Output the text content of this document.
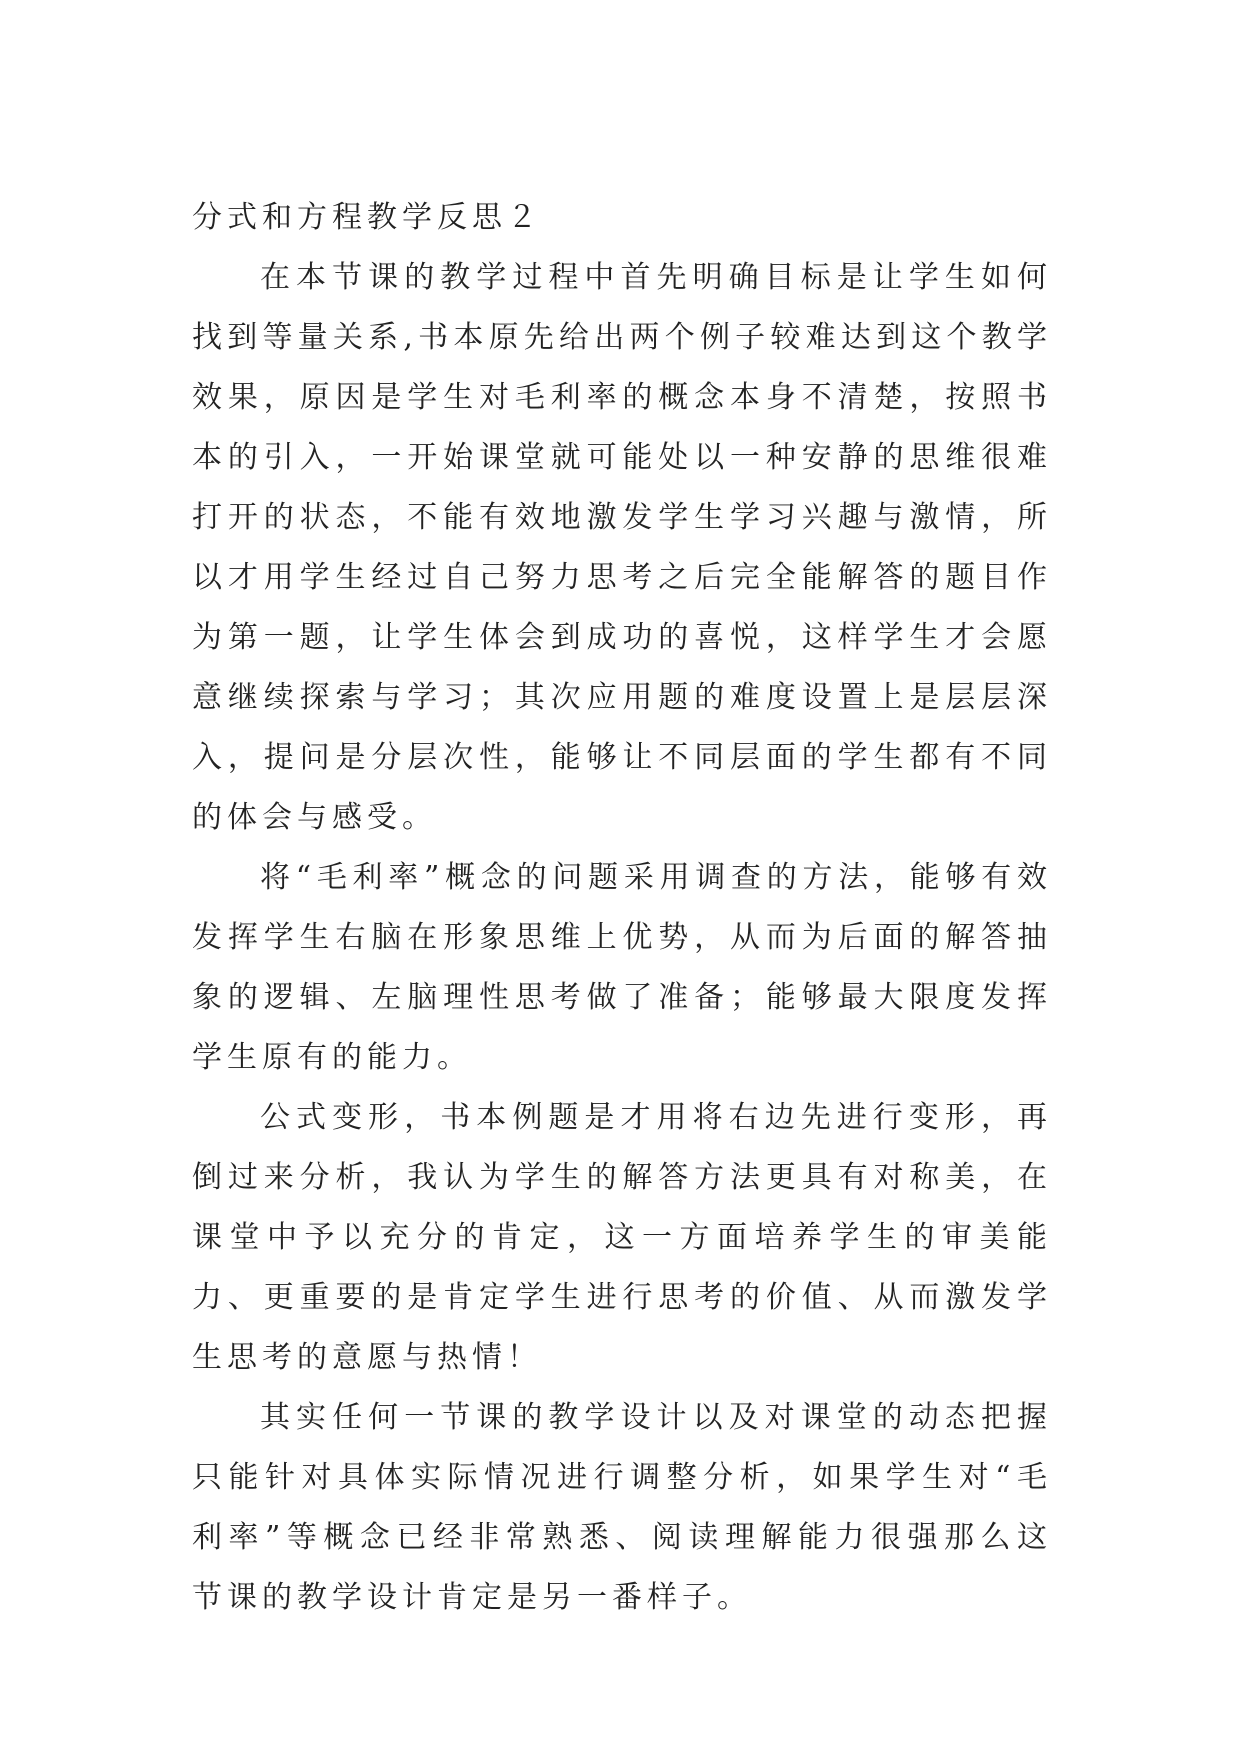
分式和方程教学反思２

在本节课的教学过程中首先明确目标是让学生如何找到等量关系,书本原先给出两个例子较难达到这个教学效果，原因是学生对毛利率的概念本身不清楚，按照书本的引入，一开始课堂就可能处以一种安静的思维很难打开的状态，不能有效地激发学生学习兴趣与激情，所以才用学生经过自己努力思考之后完全能解答的题目作为第一题，让学生体会到成功的喜悦，这样学生才会愿意继续探索与学习；其次应用题的难度设置上是层层深入，提问是分层次性，能够让不同层面的学生都有不同的体会与感受。

将“毛利率”概念的问题采用调查的方法，能够有效发挥学生右脑在形象思维上优势，从而为后面的解答抽象的逻辑、左脑理性思考做了准备；能够最大限度发挥学生原有的能力。

公式变形，书本例题是才用将右边先进行变形，再倒过来分析，我认为学生的解答方法更具有对称美，在课堂中予以充分的肯定，这一方面培养学生的审美能力、更重要的是肯定学生进行思考的价值、从而激发学生思考的意愿与热情！

其实任何一节课的教学设计以及对课堂的动态把握只能针对具体实际情况进行调整分析，如果学生对“毛利率”等概念已经非常熟悉、阅读理解能力很强那么这节课的教学设计肯定是另一番样子。
